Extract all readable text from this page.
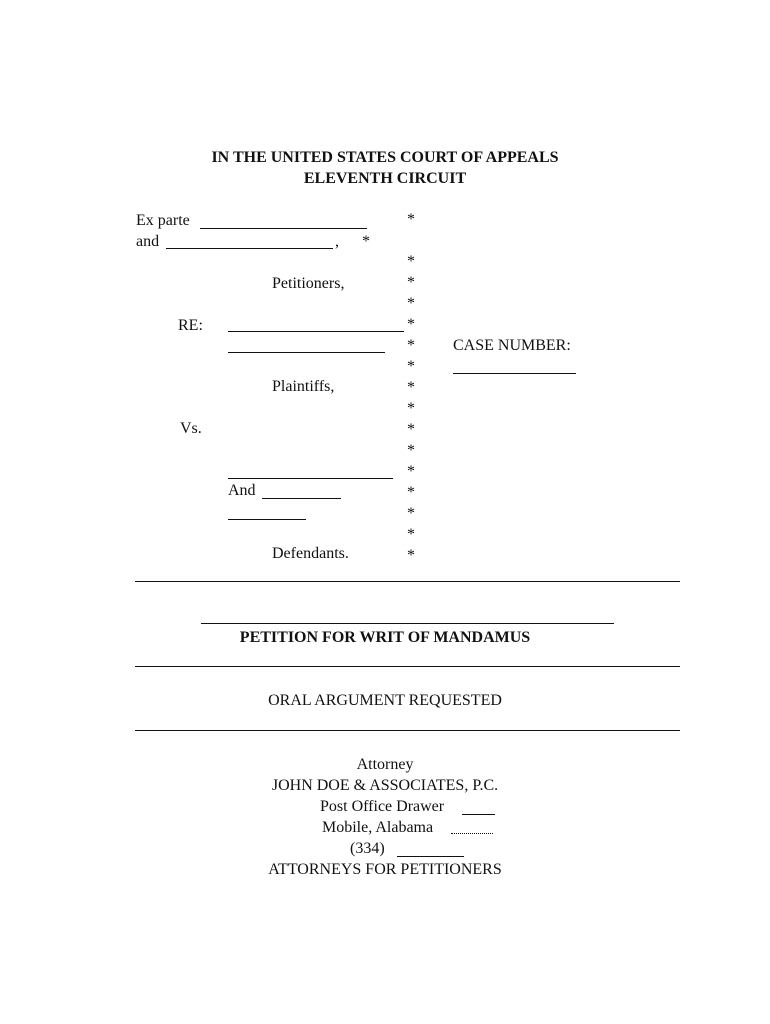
IN THE UNITED STATES COURT OF APPEALS
ELEVENTH CIRCUIT
Ex parte
and	, *
Petitioners,
RE:
Plaintiffs,
Vs.
And
Defendants.
*
*
*
*
*
*
*
*
*
*
*
*
*
*
*
*
CASE NUMBER:
PETITION FOR WRIT OF MANDAMUS
ORAL ARGUMENT REQUESTED
Attorney
JOHN DOE & ASSOCIATES, P.C.
Post Office Drawer
Mobile, Alabama
(334)
ATTORNEYS FOR PETITIONERS
